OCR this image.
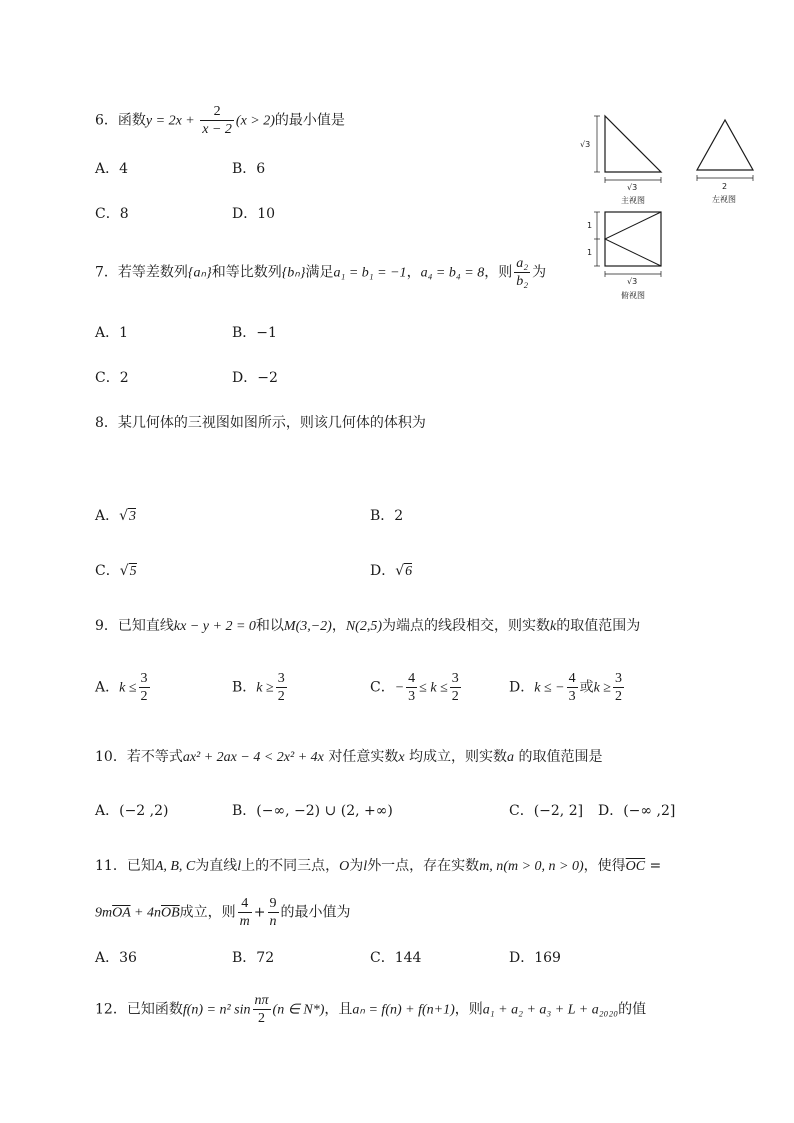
6．函数$y = 2x + \frac{2}{x - 2} (x > 2)$的最小值是
A．4	B．6
C．8	D．10
7．若等差数列{aₙ}和等比数列{bₙ}满足a₁ = b₁ = −1，a₄ = b₄ = 8，则 $\frac{\text{a₂}}{\text{b₂}}$ 为
A．1	B．−1
C．2	D．−2
8．某几何体的三视图如图所示，则该几何体的体积为
A．√3	B．2
C．√5	D．√6
9．已知直线kx − y + 2 = 0和以M(3,−2)，N(2,5)为端点的线段相交，则实数k的取值范围为
A．$k \le \frac{3}{2}$	B．$k \ge \frac{3}{2}$	C．− $\frac{4}{3} \le k \le \frac{3}{2}$	D．k ≤ − $\frac{4}{3}$ 或$k \ge \frac{3}{2}$
10．若不等式ax² + 2ax − 4 < 2x² + 4x 对任意实数x 均成立，则实数a 的取值范围是
A．(−2 ,2)	B．(−∞, −2) ∪ (2, +∞)	C．(−2, 2] D．(−∞ ,2]
11．已知A, B, C为直线l上的不同三点，O为l外一点，存在实数m, n(m > 0, n > 0)，使得$\overline{OC}$ =
$9m\overline{OA} + 4n\overline{OB}$成立，则 $\frac{4}{m} + \frac{9}{n}$ 的最小值为
A．36	B．72	C．144	D．169
12．已知函数f(n) = n² $\sin \frac{n\pi}{2} (n$ ∈ N*)，且aₙ = f(n) + f(n+1)，则a₁ + a₂ + a₃ + L + a₂₀₂₀的值
√3
√3
主视图
2
左视图
1
1
√3
俯视图
